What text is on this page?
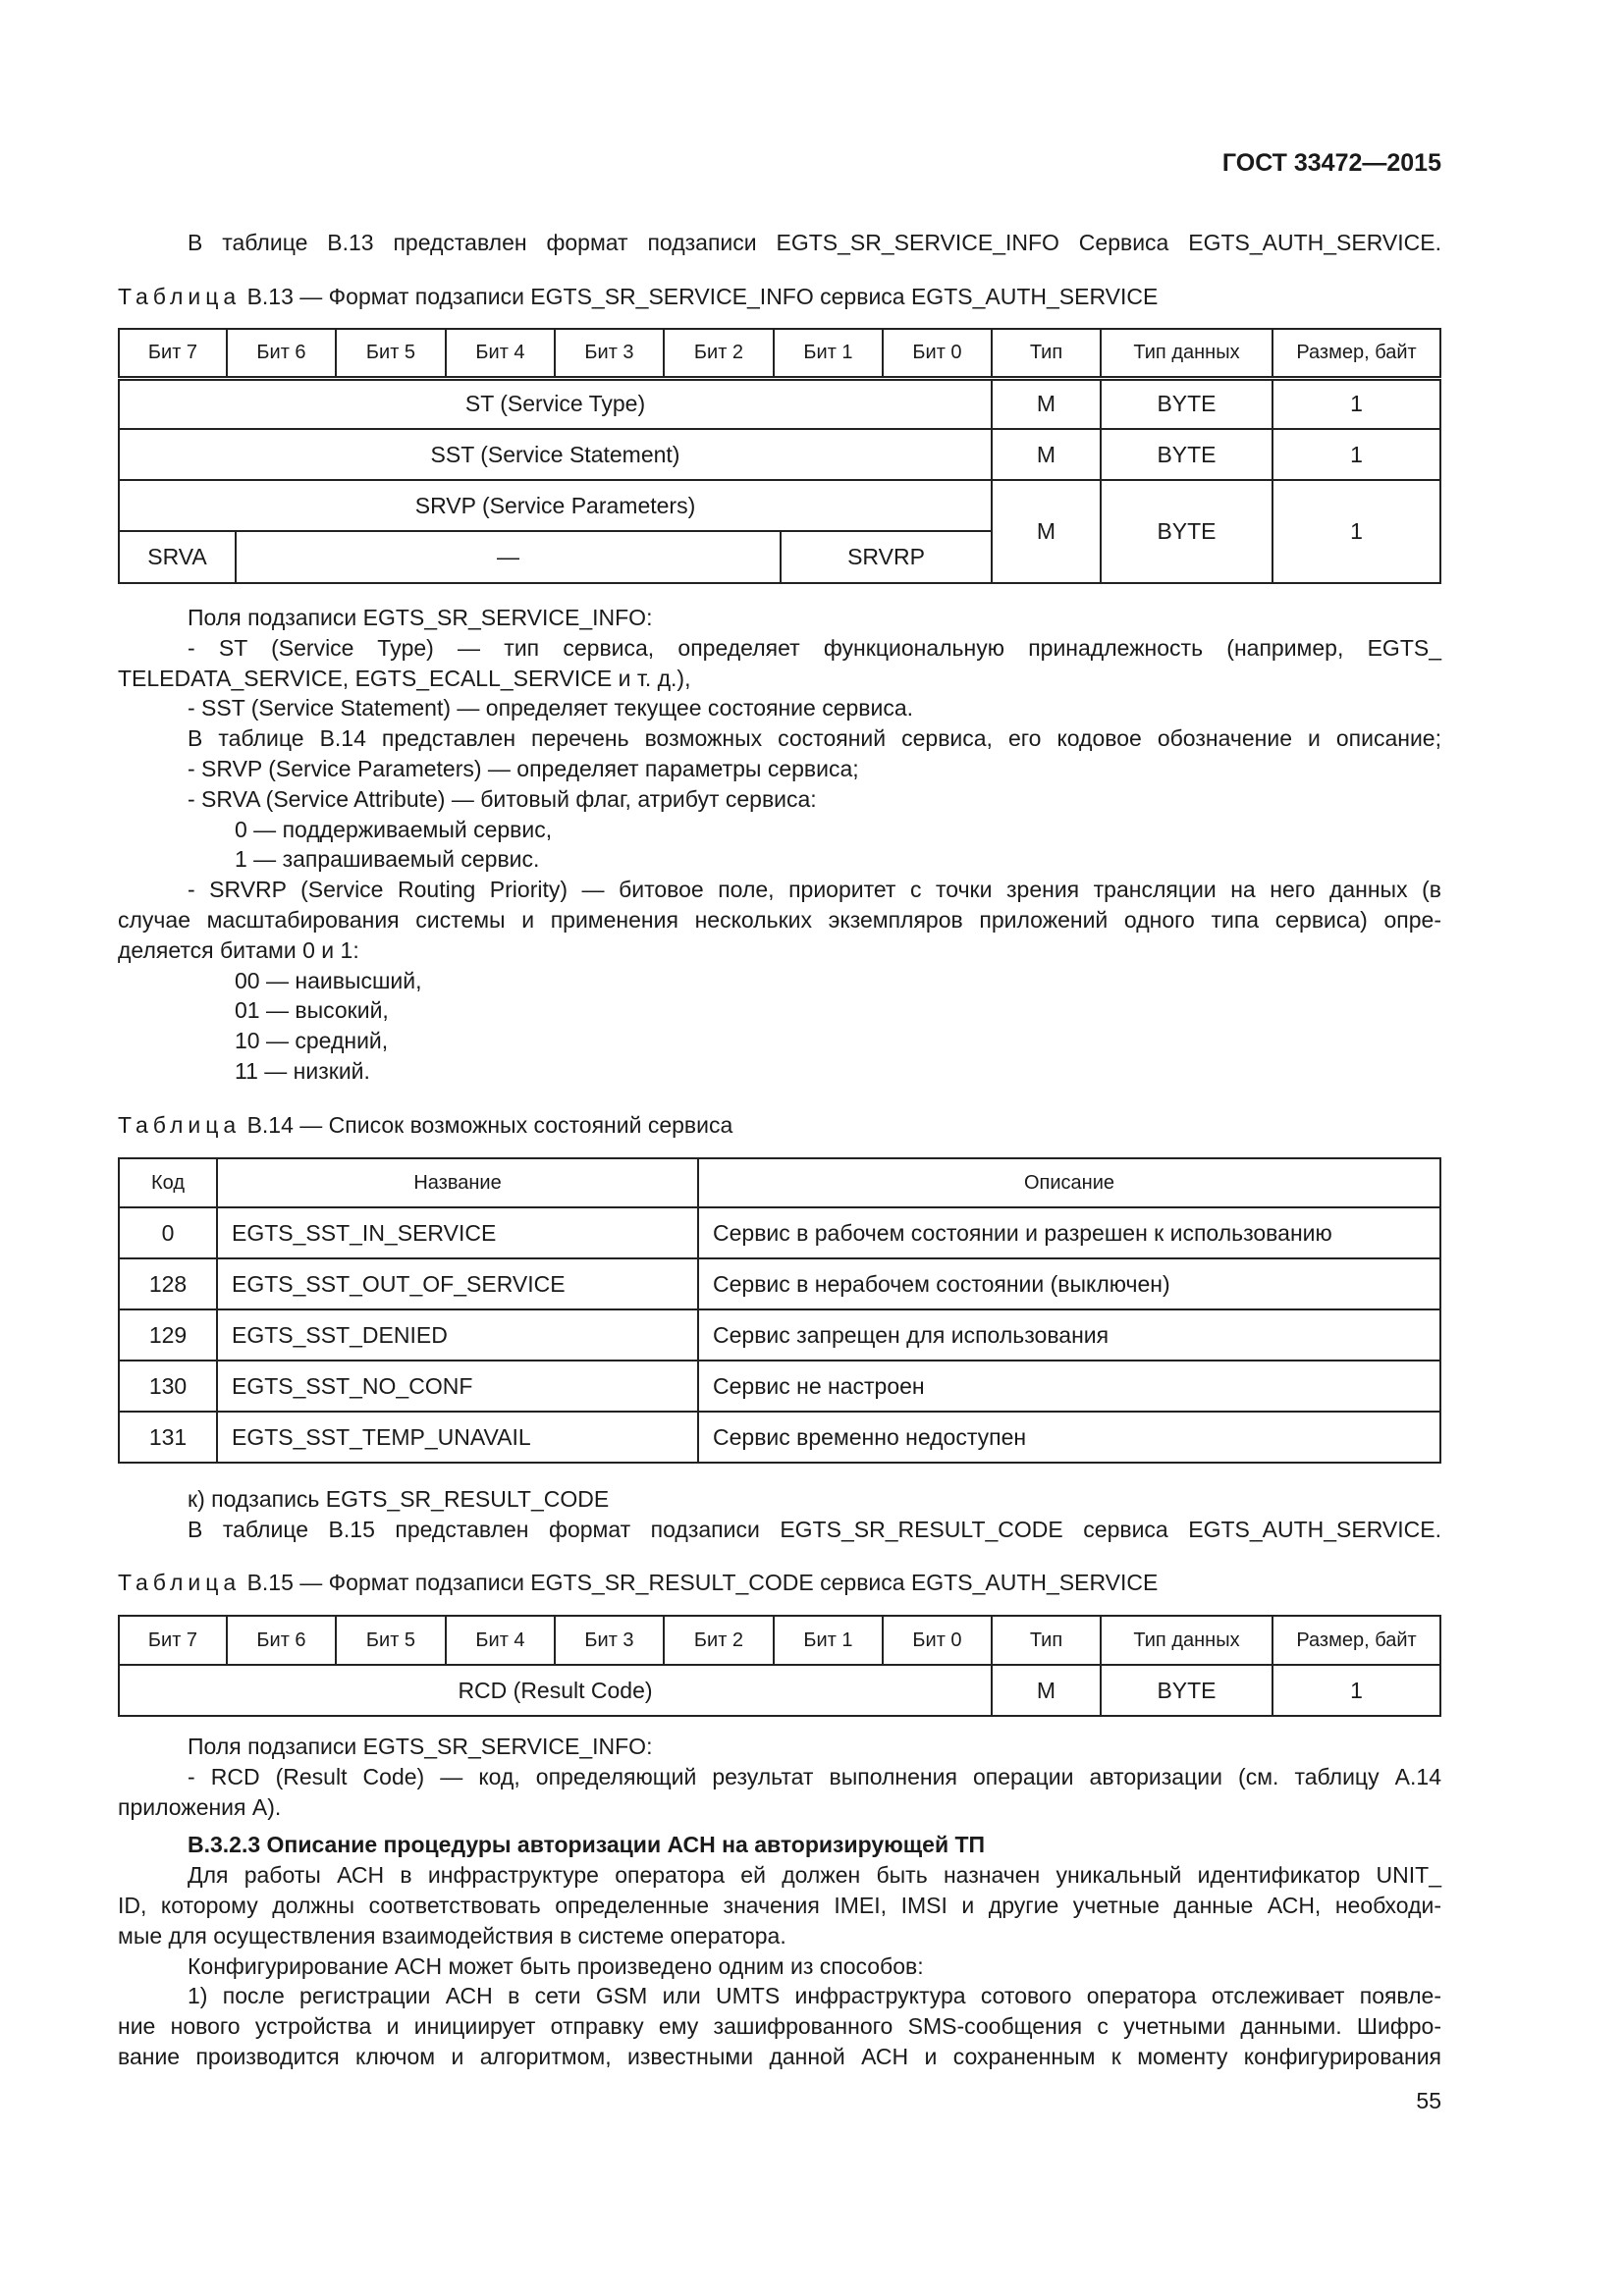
ГОСТ 33472—2015
В таблице В.13 представлен формат подзаписи EGTS_SR_SERVICE_INFO Сервиса EGTS_AUTH_SERVICE.
Таблица В.13 — Формат подзаписи EGTS_SR_SERVICE_INFO сервиса EGTS_AUTH_SERVICE
Бит 7	Бит 6	Бит 5	Бит 4	Бит 3	Бит 2	Бит 1	Бит 0	Тип	Тип данных	Размер, байт
ST (Service Type)								M	BYTE	1
SST (Service Statement)								M	BYTE	1
SRVP (Service Parameters)								M	BYTE	1

SRVA — SRVRP										
Поля подзаписи EGTS_SR_SERVICE_INFO:
- ST (Service Type) — тип сервиса, определяет функциональную принадлежность (например, EGTS_
TELEDATA_SERVICE, EGTS_ECALL_SERVICE и т. д.),
- SST (Service Statement) — определяет текущее состояние сервиса.
В таблице В.14 представлен перечень возможных состояний сервиса, его кодовое обозначение и описание;
- SRVP (Service Parameters) — определяет параметры сервиса;
- SRVA (Service Attribute) — битовый флаг, атрибут сервиса:
0 — поддерживаемый сервис,
1 — запрашиваемый сервис.
- SRVRP (Service Routing Priority) — битовое поле, приоритет с точки зрения трансляции на него данных (в
случае масштабирования системы и применения нескольких экземпляров приложений одного типа сервиса) опре-
деляется битами 0 и 1:
00 — наивысший,
01 — высокий,
10 — средний,
11 — низкий.
Таблица В.14 — Список возможных состояний сервиса
Код	Название	Описание
0	EGTS_SST_IN_SERVICE	Сервис в рабочем состоянии и разрешен к использованию
128	EGTS_SST_OUT_OF_SERVICE	Сервис в нерабочем состоянии (выключен)
129	EGTS_SST_DENIED	Сервис запрещен для использования
130	EGTS_SST_NO_CONF	Сервис не настроен
131	EGTS_SST_TEMP_UNAVAIL	Сервис временно недоступен
к) подзапись EGTS_SR_RESULT_CODE
В таблице В.15 представлен формат подзаписи EGTS_SR_RESULT_CODE сервиса EGTS_AUTH_SERVICE.
Таблица В.15 — Формат подзаписи EGTS_SR_RESULT_CODE сервиса EGTS_AUTH_SERVICE
Бит 7	Бит 6	Бит 5	Бит 4	Бит 3	Бит 2	Бит 1	Бит 0	Тип	Тип данных	Размер, байт
RCD (Result Code)								M	BYTE	1
Поля подзаписи EGTS_SR_SERVICE_INFO:
- RCD (Result Code) — код, определяющий результат выполнения операции авторизации (см. таблицу А.14
приложения А).
В.3.2.3 Описание процедуры авторизации АСН на авторизирующей ТП
Для работы АСН в инфраструктуре оператора ей должен быть назначен уникальный идентификатор UNIT_
ID, которому должны соответствовать определенные значения IMEI, IMSI и другие учетные данные АСН, необходи-
мые для осуществления взаимодействия в системе оператора.
Конфигурирование АСН может быть произведено одним из способов:
1) после регистрации АСН в сети GSM или UMTS инфраструктура сотового оператора отслеживает появле-
ние нового устройства и инициирует отправку ему зашифрованного SMS-сообщения с учетными данными. Шифро-
вание производится ключом и алгоритмом, известными данной АСН и сохраненным к моменту конфигурирования
55
